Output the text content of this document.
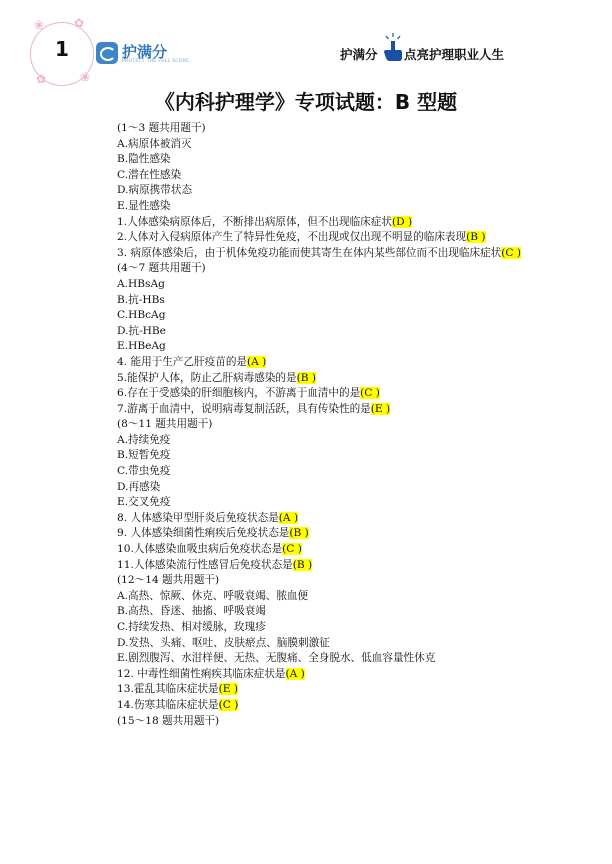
1
❀ ✿
✿	❀
护满分
PROTECT THE FULL SCORE	护满分 点亮护理职业人生
《内科护理学》专项试题：B 型题
(1～3 题共用题干)
A.病原体被消灭
B.隐性感染
C.潜在性感染
D.病原携带状态
E.显性感染
1.人体感染病原体后，不断排出病原体，但不出现临床症状(D )
2.人体对入侵病原体产生了特异性免疫，不出现或仅出现不明显的临床表现(B )
3. 病原体感染后，由于机体免疫功能而使其寄生在体内某些部位而不出现临床症状(C )
(4～7 题共用题干)
A.HBsAg
B.抗-HBs
C.HBcAg
D.抗-HBe
E.HBeAg
4. 能用于生产乙肝疫苗的是(A )
5.能保护人体，防止乙肝病毒感染的是(B )
6.存在于受感染的肝细胞核内，不游离于血清中的是(C )
7.游离于血清中，说明病毒复制活跃，具有传染性的是(E )
(8～11 题共用题干)
A.持续免疫
B.短暂免疫
C.带虫免疫
D.再感染
E.交叉免疫
8. 人体感染甲型肝炎后免疫状态是(A )
9. 人体感染细菌性痢疾后免疫状态是(B )
10.人体感染血吸虫病后免疫状态是(C )
11.人体感染流行性感冒后免疫状态是(B )
(12～14 题共用题干)
A.高热、惊厥、休克、呼吸衰竭、脓血便
B.高热、昏迷、抽搐、呼吸衰竭
C.持续发热、相对缓脉，玫瑰疹
D.发热、头痛、呕吐、皮肤瘀点、脑膜刺激征
E.剧烈腹泻、水泔样便、无热、无腹痛、全身脱水、低血容量性休克
12. 中毒性细菌性痢疾其临床症状是(A )
13.霍乱其临床症状是(E )
14.伤寒其临床症状是(C )
(15～18 题共用题干)
